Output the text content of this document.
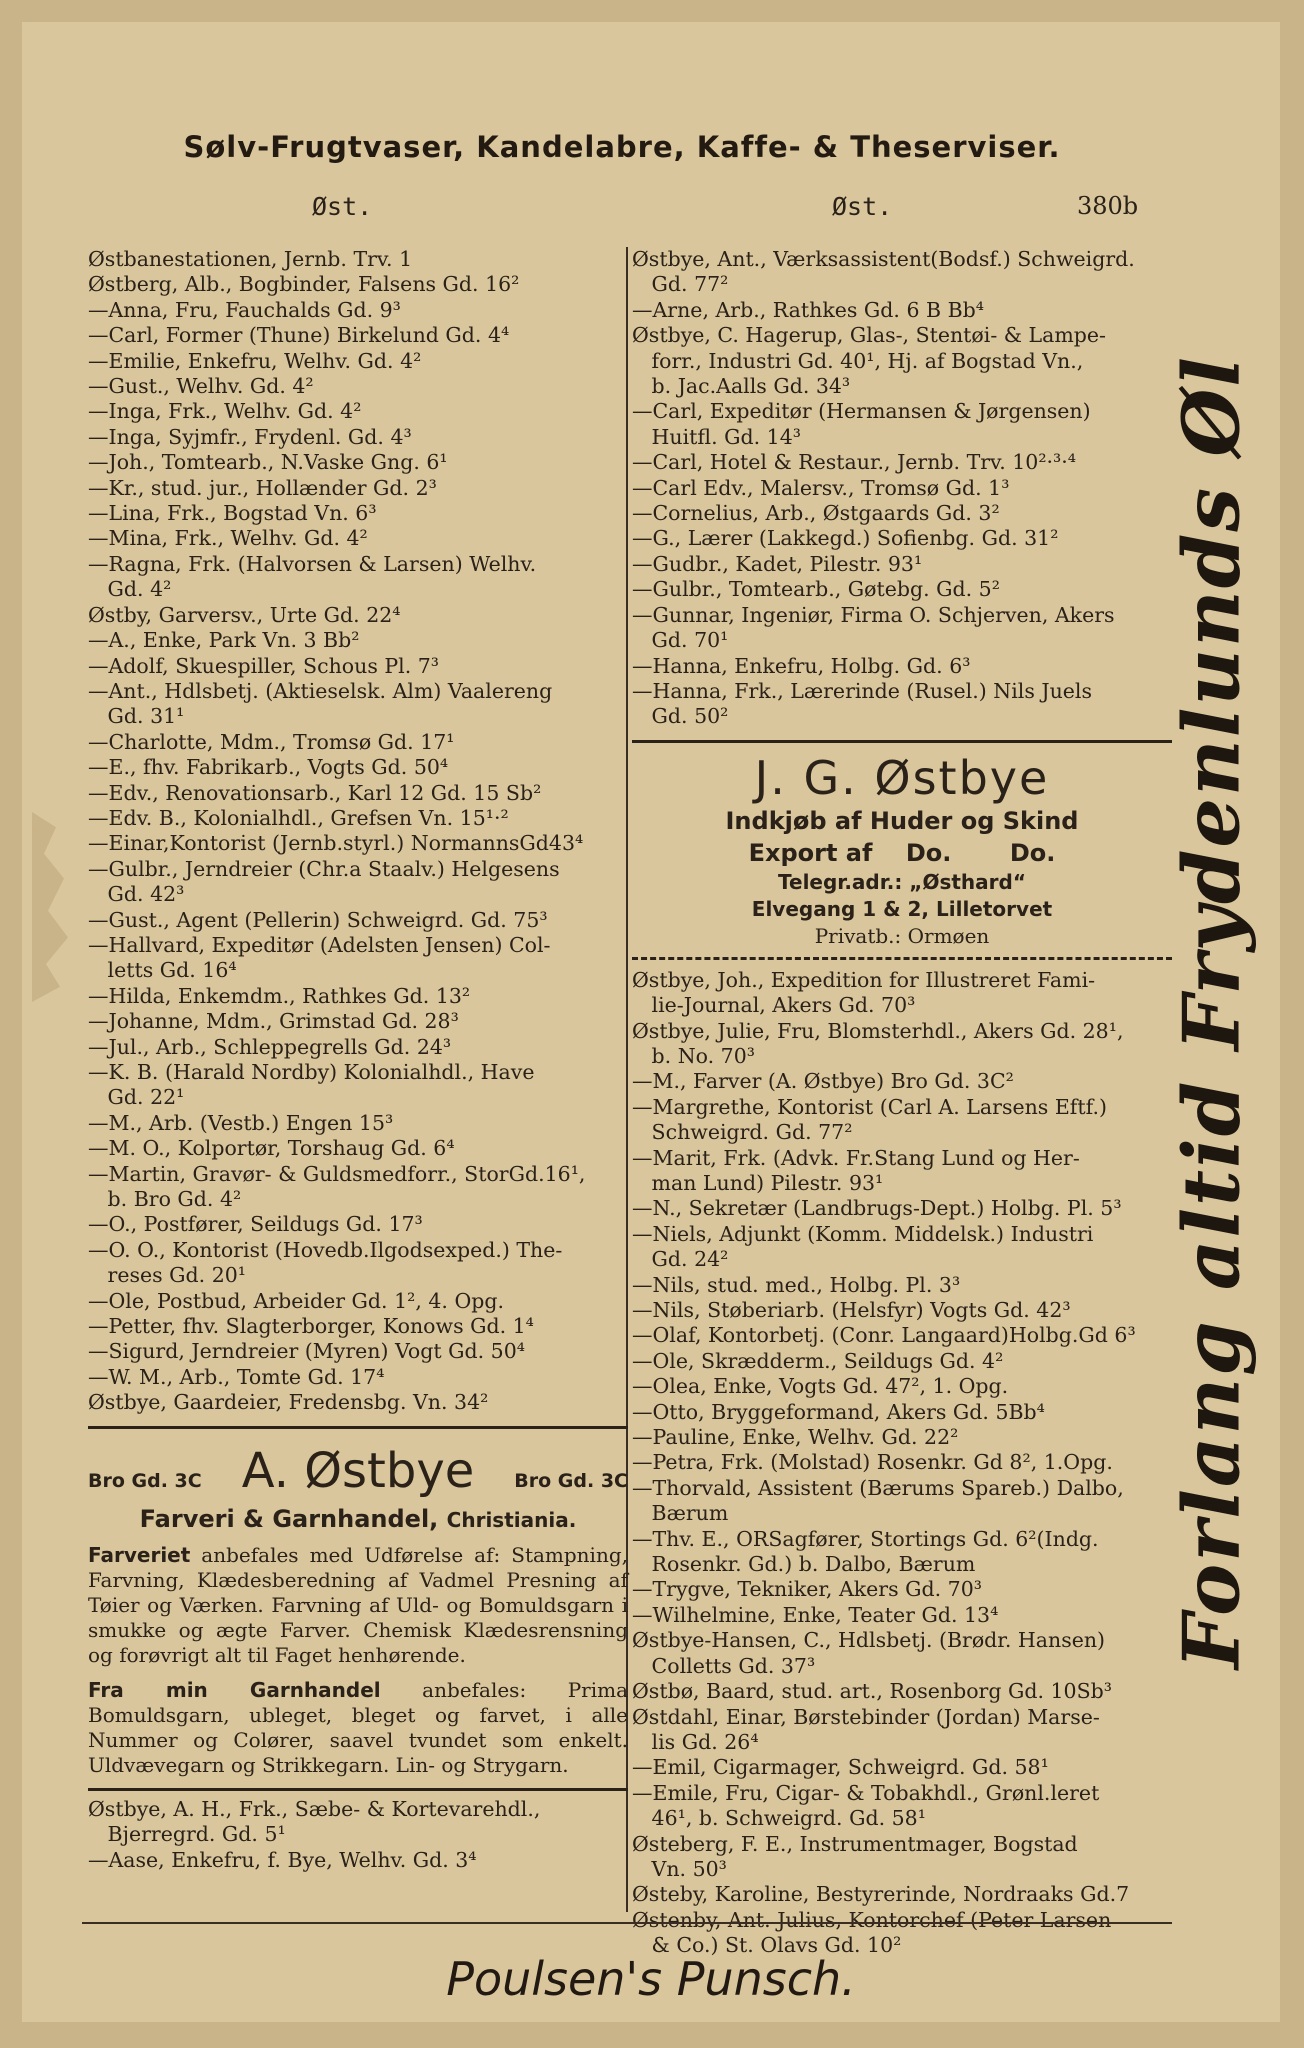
Sølv-Frugtvaser, Kandelabre, Kaffe- & Theserviser.
Øst.	Øst.	380b
Østbanestationen, Jernb. Trv. 1
Østberg, Alb., Bogbinder, Falsens Gd. 16²
—Anna, Fru, Fauchalds Gd. 9³
—Carl, Former (Thune) Birkelund Gd. 4⁴
—Emilie, Enkefru, Welhv. Gd. 4²
—Gust., Welhv. Gd. 4²
—Inga, Frk., Welhv. Gd. 4²
—Inga, Syjmfr., Frydenl. Gd. 4³
—Joh., Tomtearb., N.Vaske Gng. 6¹
—Kr., stud. jur., Hollænder Gd. 2³
—Lina, Frk., Bogstad Vn. 6³
—Mina, Frk., Welhv. Gd. 4²
—Ragna, Frk. (Halvorsen & Larsen) Welhv.
Gd. 4²
Østby, Garversv., Urte Gd. 22⁴
—A., Enke, Park Vn. 3 Bb²
—Adolf, Skuespiller, Schous Pl. 7³
—Ant., Hdlsbetj. (Aktieselsk. Alm) Vaalereng
Gd. 31¹
—Charlotte, Mdm., Tromsø Gd. 17¹
—E., fhv. Fabrikarb., Vogts Gd. 50⁴
—Edv., Renovationsarb., Karl 12 Gd. 15 Sb²
—Edv. B., Kolonialhdl., Grefsen Vn. 15¹·²
—Einar,Kontorist (Jernb.styrl.) NormannsGd43⁴
—Gulbr., Jerndreier (Chr.a Staalv.) Helgesens
Gd. 42³
—Gust., Agent (Pellerin) Schweigrd. Gd. 75³
—Hallvard, Expeditør (Adelsten Jensen) Col-
letts Gd. 16⁴
—Hilda, Enkemdm., Rathkes Gd. 13²
—Johanne, Mdm., Grimstad Gd. 28³
—Jul., Arb., Schleppegrells Gd. 24³
—K. B. (Harald Nordby) Kolonialhdl., Have
Gd. 22¹
—M., Arb. (Vestb.) Engen 15³
—M. O., Kolportør, Torshaug Gd. 6⁴
—Martin, Gravør- & Guldsmedforr., StorGd.16¹,
b. Bro Gd. 4²
—O., Postfører, Seildugs Gd. 17³
—O. O., Kontorist (Hovedb.Ilgodsexped.) The-
reses Gd. 20¹
—Ole, Postbud, Arbeider Gd. 1², 4. Opg.
—Petter, fhv. Slagterborger, Konows Gd. 1⁴
—Sigurd, Jerndreier (Myren) Vogt Gd. 50⁴
—W. M., Arb., Tomte Gd. 17⁴
Østbye, Gaardeier, Fredensbg. Vn. 34²
Bro Gd. 3C A. Østbye Bro Gd. 3C
Farveri & Garnhandel, Christiania.
Farveriet anbefales med Udførelse af: Stampning, Farvning, Klædesberedning af Vadmel Presning af Tøier og Værken. Farvning af Uld- og Bomuldsgarn i smukke og ægte Farver. Chemisk Klædesrensning og forøvrigt alt til Faget henhørende.
Fra min Garnhandel anbefales: Prima Bomuldsgarn, ubleget, bleget og farvet, i alle Nummer og Colører, saavel tvundet som enkelt. Uldvævegarn og Strikkegarn. Lin- og Strygarn.
Østbye, A. H., Frk., Sæbe- & Kortevarehdl.,
Bjerregrd. Gd. 5¹
—Aase, Enkefru, f. Bye, Welhv. Gd. 3⁴
Østbye, Ant., Værksassistent(Bodsf.) Schweigrd.
Gd. 77²
—Arne, Arb., Rathkes Gd. 6 B Bb⁴
Østbye, C. Hagerup, Glas-, Stentøi- & Lampe-
forr., Industri Gd. 40¹, Hj. af Bogstad Vn.,
b. Jac.Aalls Gd. 34³
—Carl, Expeditør (Hermansen & Jørgensen)
Huitfl. Gd. 14³
—Carl, Hotel & Restaur., Jernb. Trv. 10²·³·⁴
—Carl Edv., Malersv., Tromsø Gd. 1³
—Cornelius, Arb., Østgaards Gd. 3²
—G., Lærer (Lakkegd.) Sofienbg. Gd. 31²
—Gudbr., Kadet, Pilestr. 93¹
—Gulbr., Tomtearb., Gøtebg. Gd. 5²
—Gunnar, Ingeniør, Firma O. Schjerven, Akers
Gd. 70¹
—Hanna, Enkefru, Holbg. Gd. 6³
—Hanna, Frk., Lærerinde (Rusel.) Nils Juels
Gd. 50²
J. G. Østbye
Indkjøb af Huder og Skind
Export af    Do.       Do.
Telegr.adr.: „Østhard“
Elvegang 1 & 2, Lilletorvet
Privatb.: Ormøen
Østbye, Joh., Expedition for Illustreret Fami-
lie-Journal, Akers Gd. 70³
Østbye, Julie, Fru, Blomsterhdl., Akers Gd. 28¹,
b. No. 70³
—M., Farver (A. Østbye) Bro Gd. 3C²
—Margrethe, Kontorist (Carl A. Larsens Eftf.)
Schweigrd. Gd. 77²
—Marit, Frk. (Advk. Fr.Stang Lund og Her-
man Lund) Pilestr. 93¹
—N., Sekretær (Landbrugs-Dept.) Holbg. Pl. 5³
—Niels, Adjunkt (Komm. Middelsk.) Industri
Gd. 24²
—Nils, stud. med., Holbg. Pl. 3³
—Nils, Støberiarb. (Helsfyr) Vogts Gd. 42³
—Olaf, Kontorbetj. (Conr. Langaard)Holbg.Gd 6³
—Ole, Skrædderm., Seildugs Gd. 4²
—Olea, Enke, Vogts Gd. 47², 1. Opg.
—Otto, Bryggeformand, Akers Gd. 5Bb⁴
—Pauline, Enke, Welhv. Gd. 22²
—Petra, Frk. (Molstad) Rosenkr. Gd 8², 1.Opg.
—Thorvald, Assistent (Bærums Spareb.) Dalbo,
Bærum
—Thv. E., ORSagfører, Stortings Gd. 6²(Indg.
Rosenkr. Gd.) b. Dalbo, Bærum
—Trygve, Tekniker, Akers Gd. 70³
—Wilhelmine, Enke, Teater Gd. 13⁴
Østbye-Hansen, C., Hdlsbetj. (Brødr. Hansen)
Colletts Gd. 37³
Østbø, Baard, stud. art., Rosenborg Gd. 10Sb³
Østdahl, Einar, Børstebinder (Jordan) Marse-
lis Gd. 26⁴
—Emil, Cigarmager, Schweigrd. Gd. 58¹
—Emile, Fru, Cigar- & Tobakhdl., Grønl.leret
46¹, b. Schweigrd. Gd. 58¹
Østeberg, F. E., Instrumentmager, Bogstad
Vn. 50³
Østeby, Karoline, Bestyrerinde, Nordraaks Gd.7
Østenby, Ant. Julius, Kontorchef (Peter Larsen
& Co.) St. Olavs Gd. 10²
Forlang altid Frydenlunds Øl
Poulsen's Punsch.
